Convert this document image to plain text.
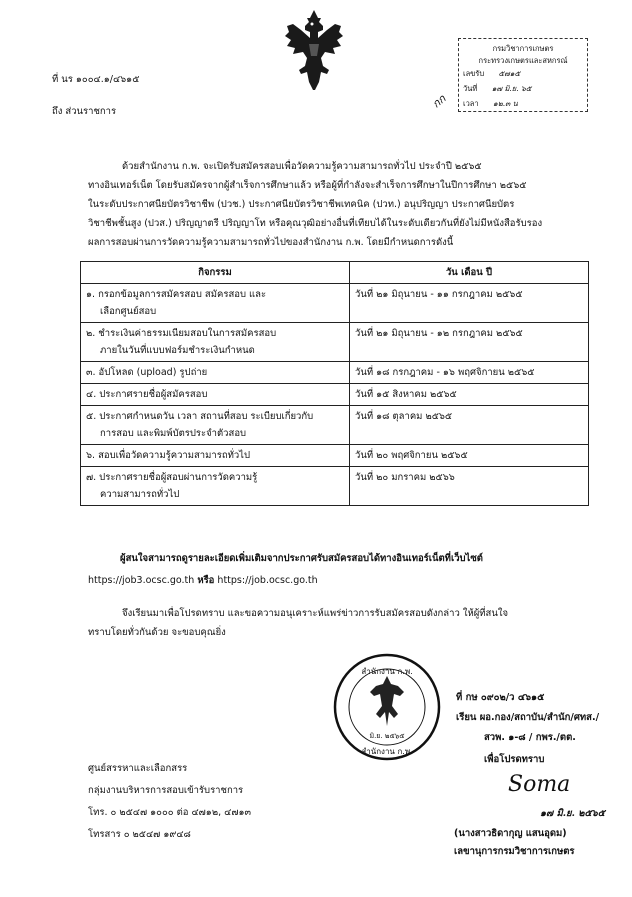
ที่ นร ๑๐๐๔.๑/๔๖๑๕
ถึง ส่วนราชการ
กรมวิชาการเกษตร
กระทรวงเกษตรและสหกรณ์
เลขรับ ๕๗๑๕
วันที่ ๑๗ มิ.ย. ๖๕
เวลา ๑๒.๓ น
กก
ด้วยสำนักงาน ก.พ. จะเปิดรับสมัครสอบเพื่อวัดความรู้ความสามารถทั่วไป ประจำปี ๒๕๖๕
ทางอินเทอร์เน็ต โดยรับสมัครจากผู้สำเร็จการศึกษาแล้ว หรือผู้ที่กำลังจะสำเร็จการศึกษาในปีการศึกษา ๒๕๖๕
ในระดับประกาศนียบัตรวิชาชีพ (ปวช.) ประกาศนียบัตรวิชาชีพเทคนิค (ปวท.) อนุปริญญา ประกาศนียบัตร
วิชาชีพชั้นสูง (ปวส.) ปริญญาตรี ปริญญาโท หรือคุณวุฒิอย่างอื่นที่เทียบได้ในระดับเดียวกันที่ยังไม่มีหนังสือรับรอง
ผลการสอบผ่านการวัดความรู้ความสามารถทั่วไปของสำนักงาน ก.พ. โดยมีกำหนดการดังนี้
กิจกรรม	วัน เดือน ปี

๑. กรอกข้อมูลการสมัครสอบ สมัครสอบ และ
เลือกศูนย์สอบ	วันที่ ๒๑ มิถุนายน - ๑๑ กรกฎาคม ๒๕๖๕

๒. ชำระเงินค่าธรรมเนียมสอบในการสมัครสอบ
ภายในวันที่แบบฟอร์มชำระเงินกำหนด	วันที่ ๒๑ มิถุนายน - ๑๒ กรกฎาคม ๒๕๖๕

๓. อัปโหลด (upload) รูปถ่าย	วันที่ ๑๘ กรกฎาคม - ๑๖ พฤศจิกายน ๒๕๖๕

๔. ประกาศรายชื่อผู้สมัครสอบ	วันที่ ๑๕ สิงหาคม ๒๕๖๕

๕. ประกาศกำหนดวัน เวลา สถานที่สอบ ระเบียบเกี่ยวกับ
การสอบ และพิมพ์บัตรประจำตัวสอบ	วันที่ ๑๘ ตุลาคม ๒๕๖๕

๖. สอบเพื่อวัดความรู้ความสามารถทั่วไป	วันที่ ๒๐ พฤศจิกายน ๒๕๖๕

๗. ประกาศรายชื่อผู้สอบผ่านการวัดความรู้
ความสามารถทั่วไป	วันที่ ๒๐ มกราคม ๒๕๖๖
ผู้สนใจสามารถดูรายละเอียดเพิ่มเติมจากประกาศรับสมัครสอบได้ทางอินเทอร์เน็ตที่เว็บไซต์
https://job3.ocsc.go.th หรือ https://job.ocsc.go.th
จึงเรียนมาเพื่อโปรดทราบ และขอความอนุเคราะห์แพร่ข่าวการรับสมัครสอบดังกล่าว ให้ผู้ที่สนใจ
ทราบโดยทั่วกันด้วย จะขอบคุณยิ่ง
สำนักงาน ก.พ.
มิ.ย. ๒๕๖๕
สำนักงาน ก.พ.
ศูนย์สรรหาและเลือกสรร
กลุ่มงานบริหารการสอบเข้ารับราชการ
โทร. ๐ ๒๕๔๗ ๑๐๐๐ ต่อ ๔๗๑๒, ๔๗๑๓
โทรสาร ๐ ๒๕๔๗ ๑๙๔๘
ที่ กษ ๐๙๐๒/ว ๔๖๑๕
เรียน ผอ.กอง/สถาบัน/สำนัก/ศทส./
สวพ. ๑-๘ / กพร./ตต.
เพื่อโปรดทราบ
Soma
๑๗ มิ.ย. ๒๕๖๕
(นางสาวธิดากุญ แสนอุดม)
เลขานุการกรมวิชาการเกษตร
